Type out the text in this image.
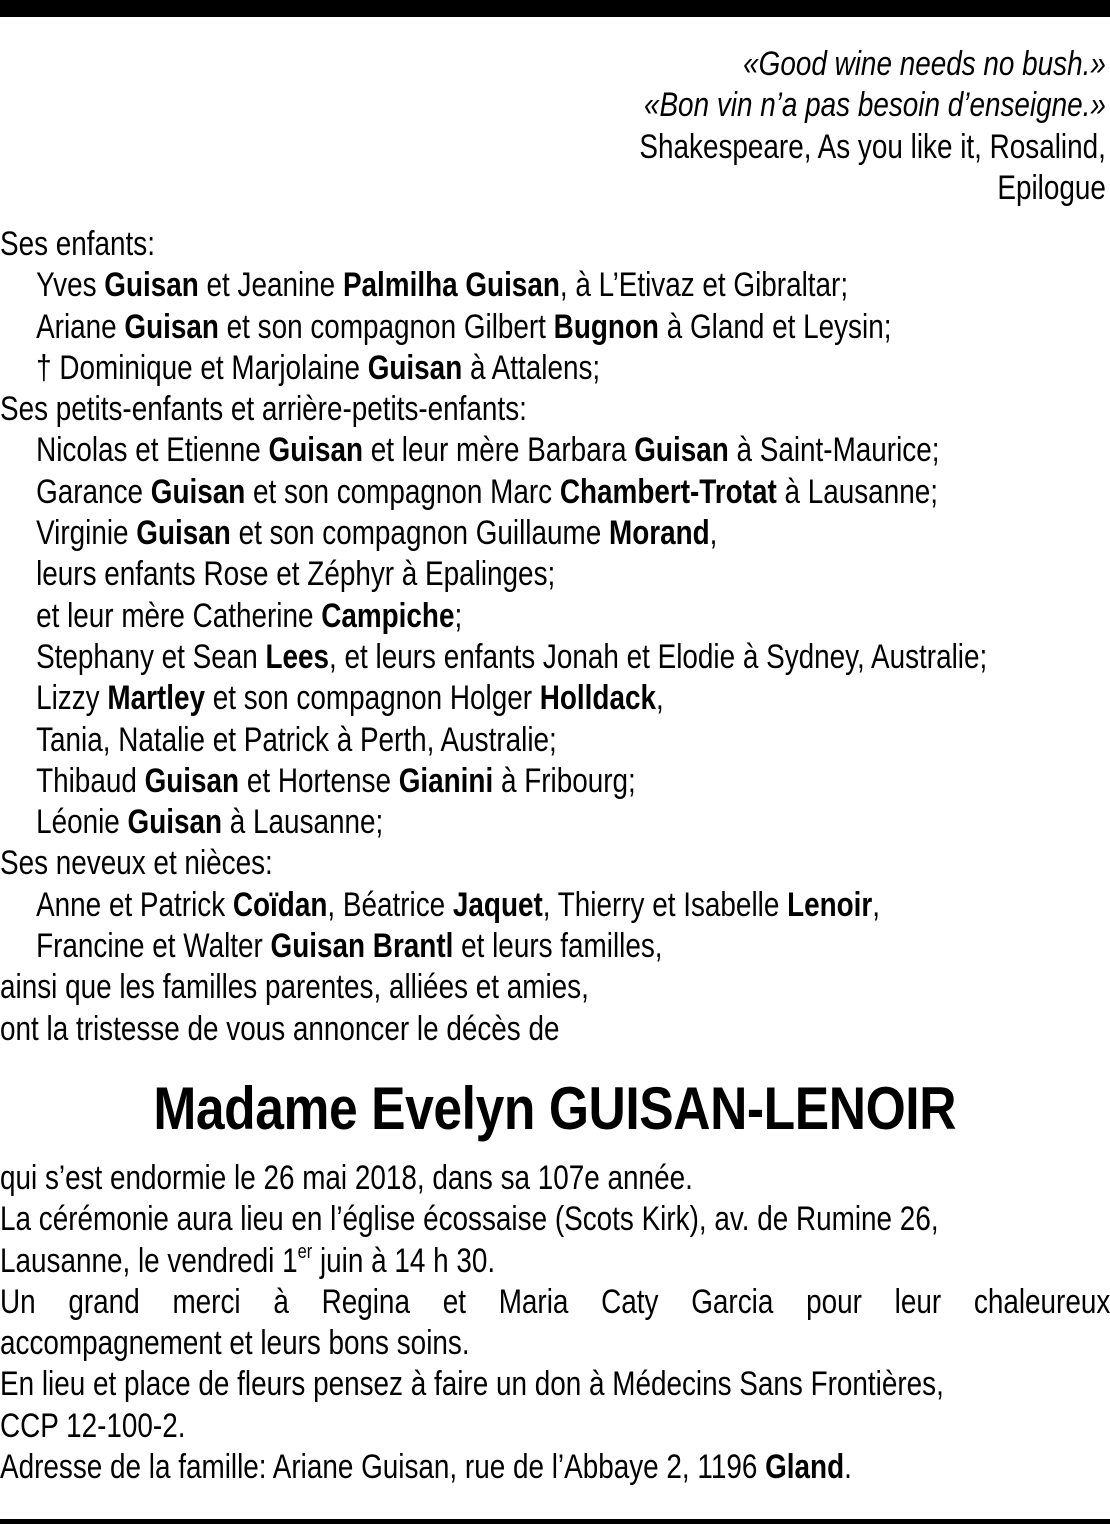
«Good wine needs no bush.»
«Bon vin n’a pas besoin d’enseigne.»
Shakespeare, As you like it, Rosalind,
Epilogue
Ses enfants:
Yves Guisan et Jeanine Palmilha Guisan, à L’Etivaz et Gibraltar;
Ariane Guisan et son compagnon Gilbert Bugnon à Gland et Leysin;
† Dominique et Marjolaine Guisan à Attalens;
Ses petits-enfants et arrière-petits-enfants:
Nicolas et Etienne Guisan et leur mère Barbara Guisan à Saint-Maurice;
Garance Guisan et son compagnon Marc Chambert-Trotat à Lausanne;
Virginie Guisan et son compagnon Guillaume Morand,
leurs enfants Rose et Zéphyr à Epalinges;
et leur mère Catherine Campiche;
Stephany et Sean Lees, et leurs enfants Jonah et Elodie à Sydney, Australie;
Lizzy Martley et son compagnon Holger Holldack,
Tania, Natalie et Patrick à Perth, Australie;
Thibaud Guisan et Hortense Gianini à Fribourg;
Léonie Guisan à Lausanne;
Ses neveux et nièces:
Anne et Patrick Coïdan, Béatrice Jaquet, Thierry et Isabelle Lenoir,
Francine et Walter Guisan Brantl et leurs familles,
ainsi que les familles parentes, alliées et amies,
ont la tristesse de vous annoncer le décès de
Madame Evelyn GUISAN-LENOIR
qui s’est endormie le 26 mai 2018, dans sa 107e année.
La cérémonie aura lieu en l’église écossaise (Scots Kirk), av. de Rumine 26,
Lausanne, le vendredi 1er juin à 14 h 30.
Un grand merci à Regina et Maria Caty Garcia pour leur chaleureux
accompagnement et leurs bons soins.
En lieu et place de fleurs pensez à faire un don à Médecins Sans Frontières,
CCP 12-100-2.
Adresse de la famille: Ariane Guisan, rue de l’Abbaye 2, 1196 Gland.
